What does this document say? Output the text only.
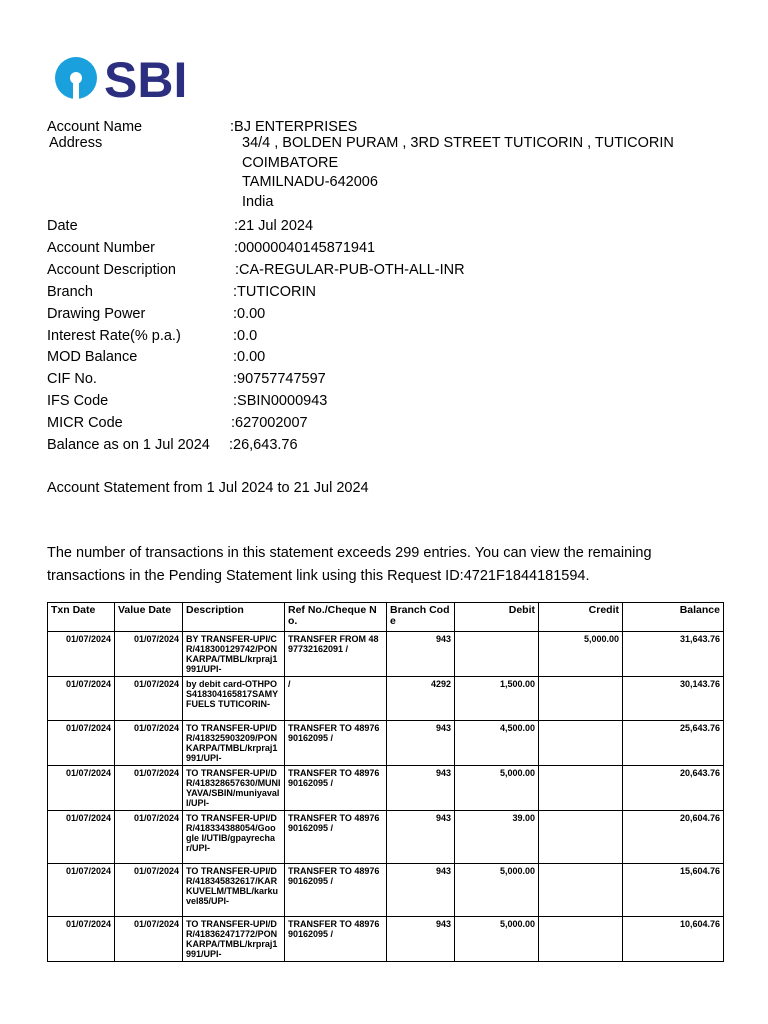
SBI
Account Name	:BJ ENTERPRISES
Address	34/4 , BOLDEN PURAM , 3RD STREET TUTICORIN , TUTICORIN
COIMBATORE
TAMILNADU-642006
India
Date	:21 Jul 2024
Account Number	:00000040145871941
Account Description	:CA-REGULAR-PUB-OTH-ALL-INR
Branch	:TUTICORIN
Drawing Power	:0.00
Interest Rate(% p.a.)	:0.0
MOD Balance	:0.00
CIF No.	:90757747597
IFS Code	:SBIN0000943
MICR Code	:627002007
Balance as on 1 Jul 2024 :26,643.76
Account Statement from 1 Jul 2024 to 21 Jul 2024
The number of transactions in this statement exceeds 299 entries. You can view the remaining
transactions in the Pending Statement link using this Request ID:4721F1844181594.
Txn Date	Value Date	Description	Ref No./Cheque No.	Branch Code	Debit	Credit	Balance
01/07/2024	01/07/2024	BY TRANSFER-UPI/CR/418300129742/PONKARPA/TMBL/krpraj1991/UPI-	TRANSFER FROM 4897732162091 /	943		5,000.00	31,643.76
01/07/2024	01/07/2024	by debit card-OTHPOS418304165817SAMY FUELS TUTICORIN-	/	4292	1,500.00		30,143.76
01/07/2024	01/07/2024	TO TRANSFER-UPI/DR/418325903209/PONKARPA/TMBL/krpraj1991/UPI-	TRANSFER TO 4897690162095 /	943	4,500.00		25,643.76
01/07/2024	01/07/2024	TO TRANSFER-UPI/DR/418328657630/MUNIYAVA/SBIN/muniyavall/UPI-	TRANSFER TO 4897690162095 /	943	5,000.00		20,643.76
01/07/2024	01/07/2024	TO TRANSFER-UPI/DR/418334388054/Google I/UTIB/gpayrechar/UPI-	TRANSFER TO 4897690162095 /	943	39.00		20,604.76
01/07/2024	01/07/2024	TO TRANSFER-UPI/DR/418345832617/KARKUVELM/TMBL/karkuvel85/UPI-	TRANSFER TO 4897690162095 /	943	5,000.00		15,604.76
01/07/2024	01/07/2024	TO TRANSFER-UPI/DR/418362471772/PONKARPA/TMBL/krpraj1991/UPI-	TRANSFER TO 4897690162095 /	943	5,000.00		10,604.76
